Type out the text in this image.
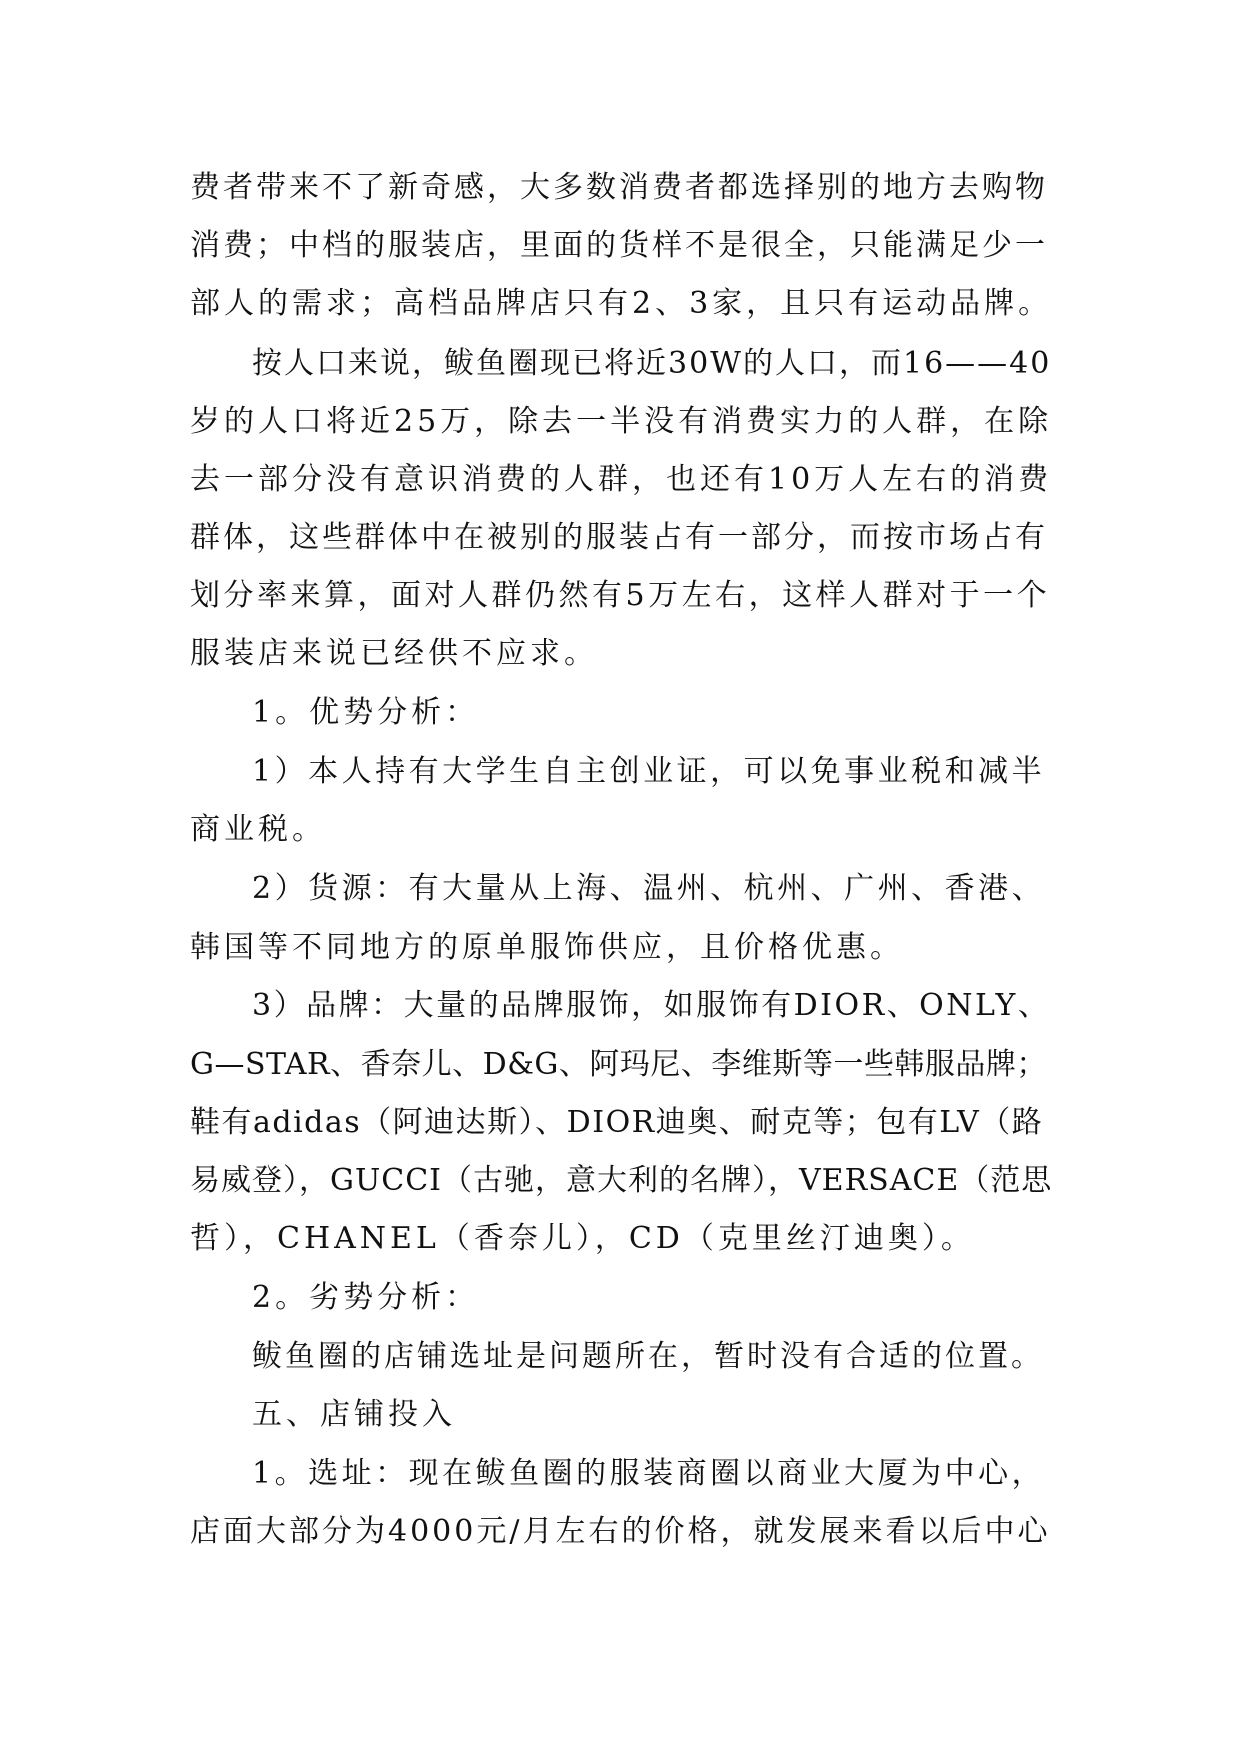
费者带来不了新奇感，大多数消费者都选择别的地方去购物

消费；中档的服装店，里面的货样不是很全，只能满足少一

部人的需求；高档品牌店只有2、3家，且只有运动品牌。

按人口来说，鲅鱼圈现已将近30W的人口，而16——40

岁的人口将近25万，除去一半没有消费实力的人群，在除

去一部分没有意识消费的人群，也还有10万人左右的消费

群体，这些群体中在被别的服装占有一部分，而按市场占有

划分率来算，面对人群仍然有5万左右，这样人群对于一个

服装店来说已经供不应求。

1。优势分析：

1）本人持有大学生自主创业证，可以免事业税和减半

商业税。

2）货源：有大量从上海、温州、杭州、广州、香港、

韩国等不同地方的原单服饰供应，且价格优惠。

3）品牌：大量的品牌服饰，如服饰有DIOR、ONLY、

G—STAR、香奈儿、D&G、阿玛尼、李维斯等一些韩服品牌；

鞋有adidas（阿迪达斯）、DIOR迪奥、耐克等；包有LV（路

易威登），GUCCI（古驰，意大利的名牌），VERSACE（范思

哲），CHANEL（香奈儿），CD（克里丝汀迪奥）。

2。劣势分析：

鲅鱼圈的店铺选址是问题所在，暂时没有合适的位置。

五、店铺投入

1。选址：现在鲅鱼圈的服装商圈以商业大厦为中心，

店面大部分为4000元/月左右的价格，就发展来看以后中心
